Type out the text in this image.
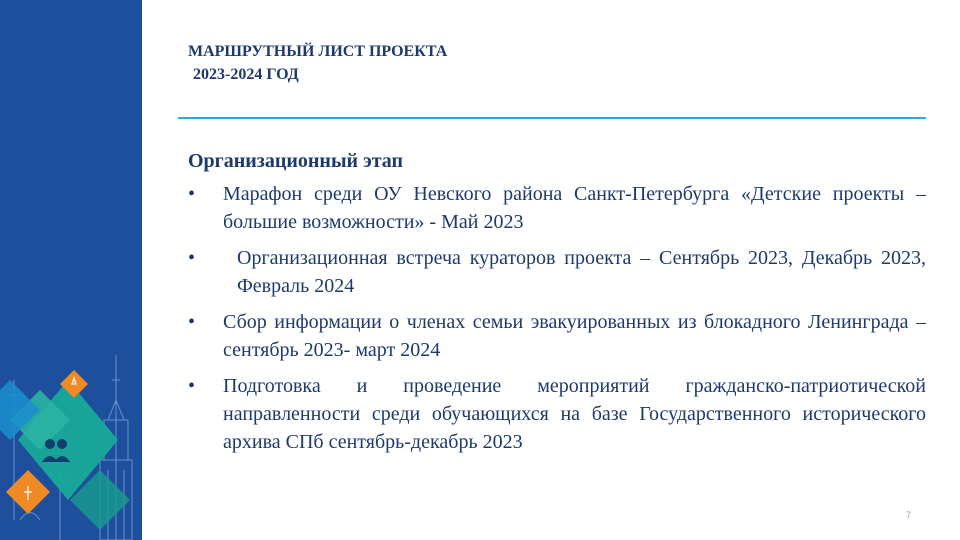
МАРШРУТНЫЙ ЛИСТ ПРОЕКТА
2023-2024 ГОД
Организационный этап
• Марафон среди ОУ Невского района Санкт-Петербурга «Детские проекты – большие возможности» - Май 2023
•	Организационная встреча кураторов проекта – Сентябрь 2023, Декабрь 2023, Февраль 2024
• Сбор информации о членах семьи эвакуированных из блокадного Ленинграда – сентябрь 2023- март 2024
• Подготовка и проведение мероприятий гражданско-патриотической направленности среди обучающихся на базе Государственного исторического архива СПб сентябрь-декабрь 2023
7
